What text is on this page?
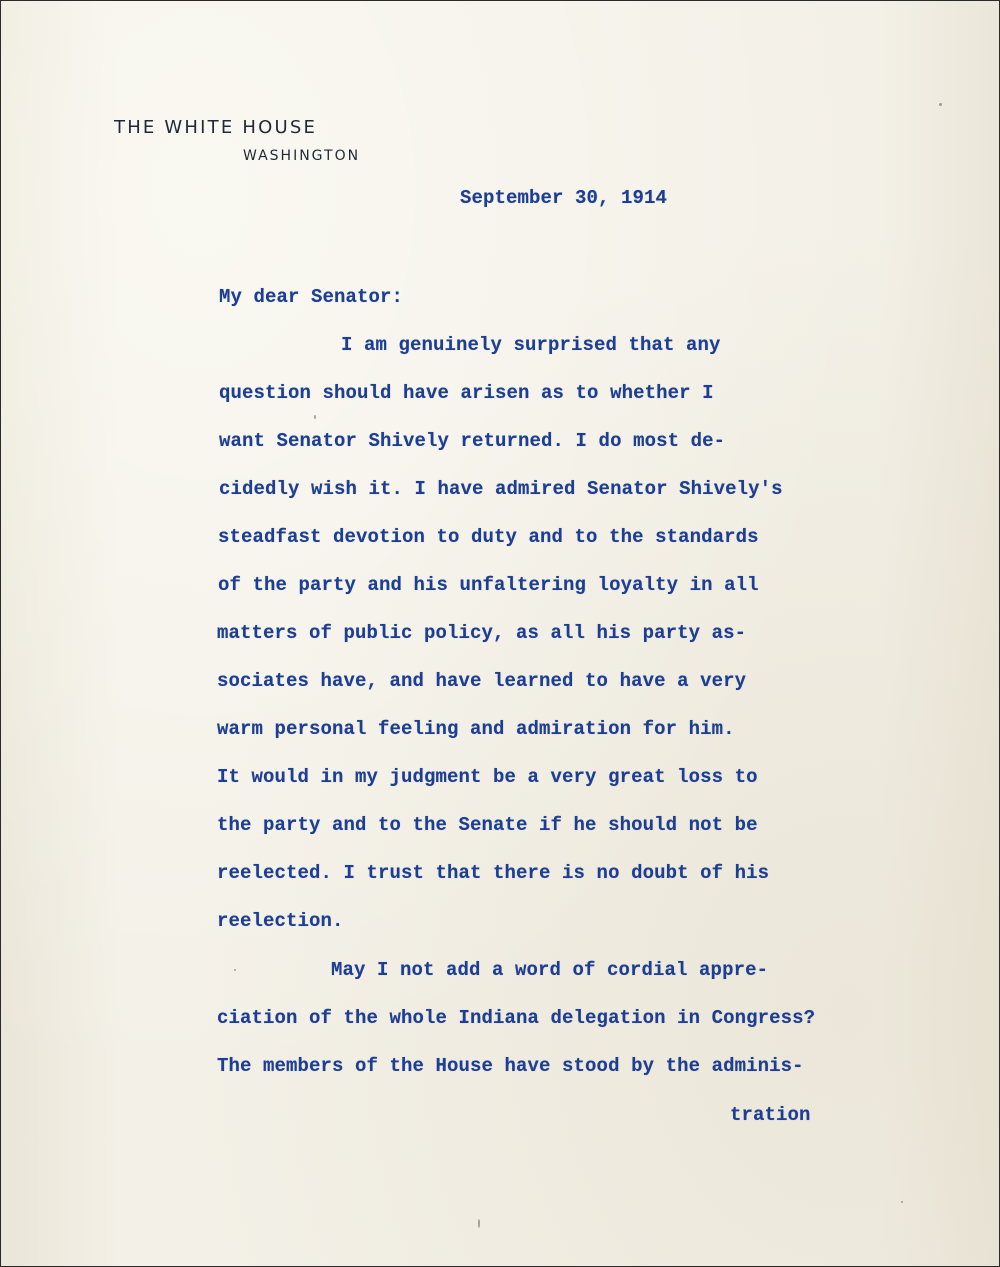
THE WHITE HOUSE
WASHINGTON
September 30, 1914
My dear Senator:
I am genuinely surprised that any
question should have arisen as to whether I
want Senator Shively returned. I do most de-
cidedly wish it. I have admired Senator Shively's
steadfast devotion to duty and to the standards
of the party and his unfaltering loyalty in all
matters of public policy, as all his party as-
sociates have, and have learned to have a very
warm personal feeling and admiration for him.
It would in my judgment be a very great loss to
the party and to the Senate if he should not be
reelected. I trust that there is no doubt of his
reelection.
May I not add a word of cordial appre-
ciation of the whole Indiana delegation in Congress?
The members of the House have stood by the adminis-
tration
